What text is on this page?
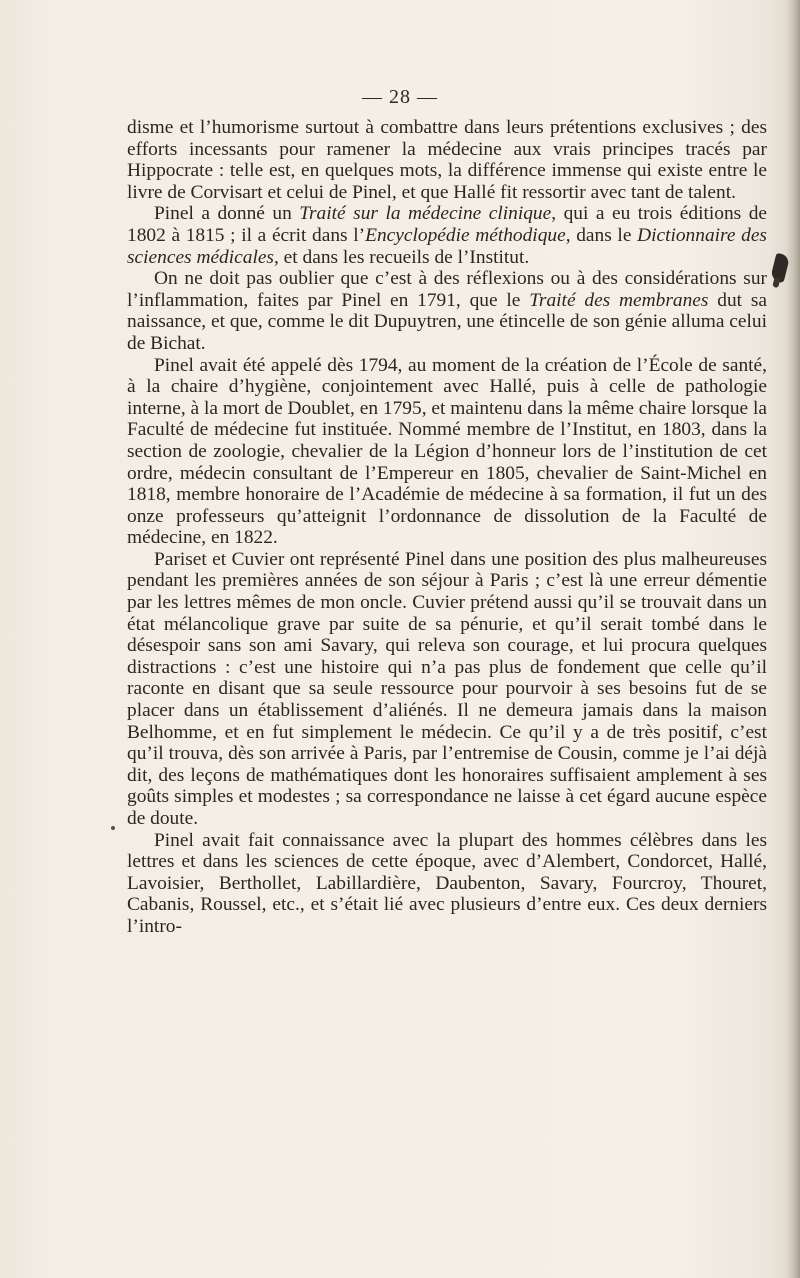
— 28 —

disme et l’humorisme surtout à combattre dans leurs prétentions exclusives ; des efforts incessants pour ramener la médecine aux vrais principes tracés par Hippocrate : telle est, en quelques mots, la différence immense qui existe entre le livre de Corvisart et celui de Pinel, et que Hallé fit ressortir avec tant de talent.

Pinel a donné un Traité sur la médecine clinique, qui a eu trois éditions de 1802 à 1815 ; il a écrit dans l’Encyclopédie méthodique, dans le Dictionnaire des sciences médicales, et dans les recueils de l’Institut.

On ne doit pas oublier que c’est à des réflexions ou à des considérations sur l’inflammation, faites par Pinel en 1791, que le Traité des membranes dut sa naissance, et que, comme le dit Dupuytren, une étincelle de son génie alluma celui de Bichat.

Pinel avait été appelé dès 1794, au moment de la création de l’École de santé, à la chaire d’hygiène, conjointement avec Hallé, puis à celle de pathologie interne, à la mort de Doublet, en 1795, et maintenu dans la même chaire lorsque la Faculté de médecine fut instituée. Nommé membre de l’Institut, en 1803, dans la section de zoologie, chevalier de la Légion d’honneur lors de l’institution de cet ordre, médecin consultant de l’Empereur en 1805, chevalier de Saint-Michel en 1818, membre honoraire de l’Académie de médecine à sa formation, il fut un des onze professeurs qu’atteignit l’ordonnance de dissolution de la Faculté de médecine, en 1822.

Pariset et Cuvier ont représenté Pinel dans une position des plus malheureuses pendant les premières années de son séjour à Paris ; c’est là une erreur démentie par les lettres mêmes de mon oncle. Cuvier prétend aussi qu’il se trouvait dans un état mélancolique grave par suite de sa pénurie, et qu’il serait tombé dans le désespoir sans son ami Savary, qui releva son courage, et lui procura quelques distractions : c’est une histoire qui n’a pas plus de fondement que celle qu’il raconte en disant que sa seule ressource pour pourvoir à ses besoins fut de se placer dans un établissement d’aliénés. Il ne demeura jamais dans la maison Belhomme, et en fut simplement le médecin. Ce qu’il y a de très positif, c’est qu’il trouva, dès son arrivée à Paris, par l’entremise de Cousin, comme je l’ai déjà dit, des leçons de mathématiques dont les honoraires suffisaient amplement à ses goûts simples et modestes ; sa correspondance ne laisse à cet égard aucune espèce de doute.

Pinel avait fait connaissance avec la plupart des hommes célèbres dans les lettres et dans les sciences de cette époque, avec d’Alembert, Condorcet, Hallé, Lavoisier, Berthollet, Labillardière, Daubenton, Savary, Fourcroy, Thouret, Cabanis, Roussel, etc., et s’était lié avec plusieurs d’entre eux. Ces deux derniers l’intro-
